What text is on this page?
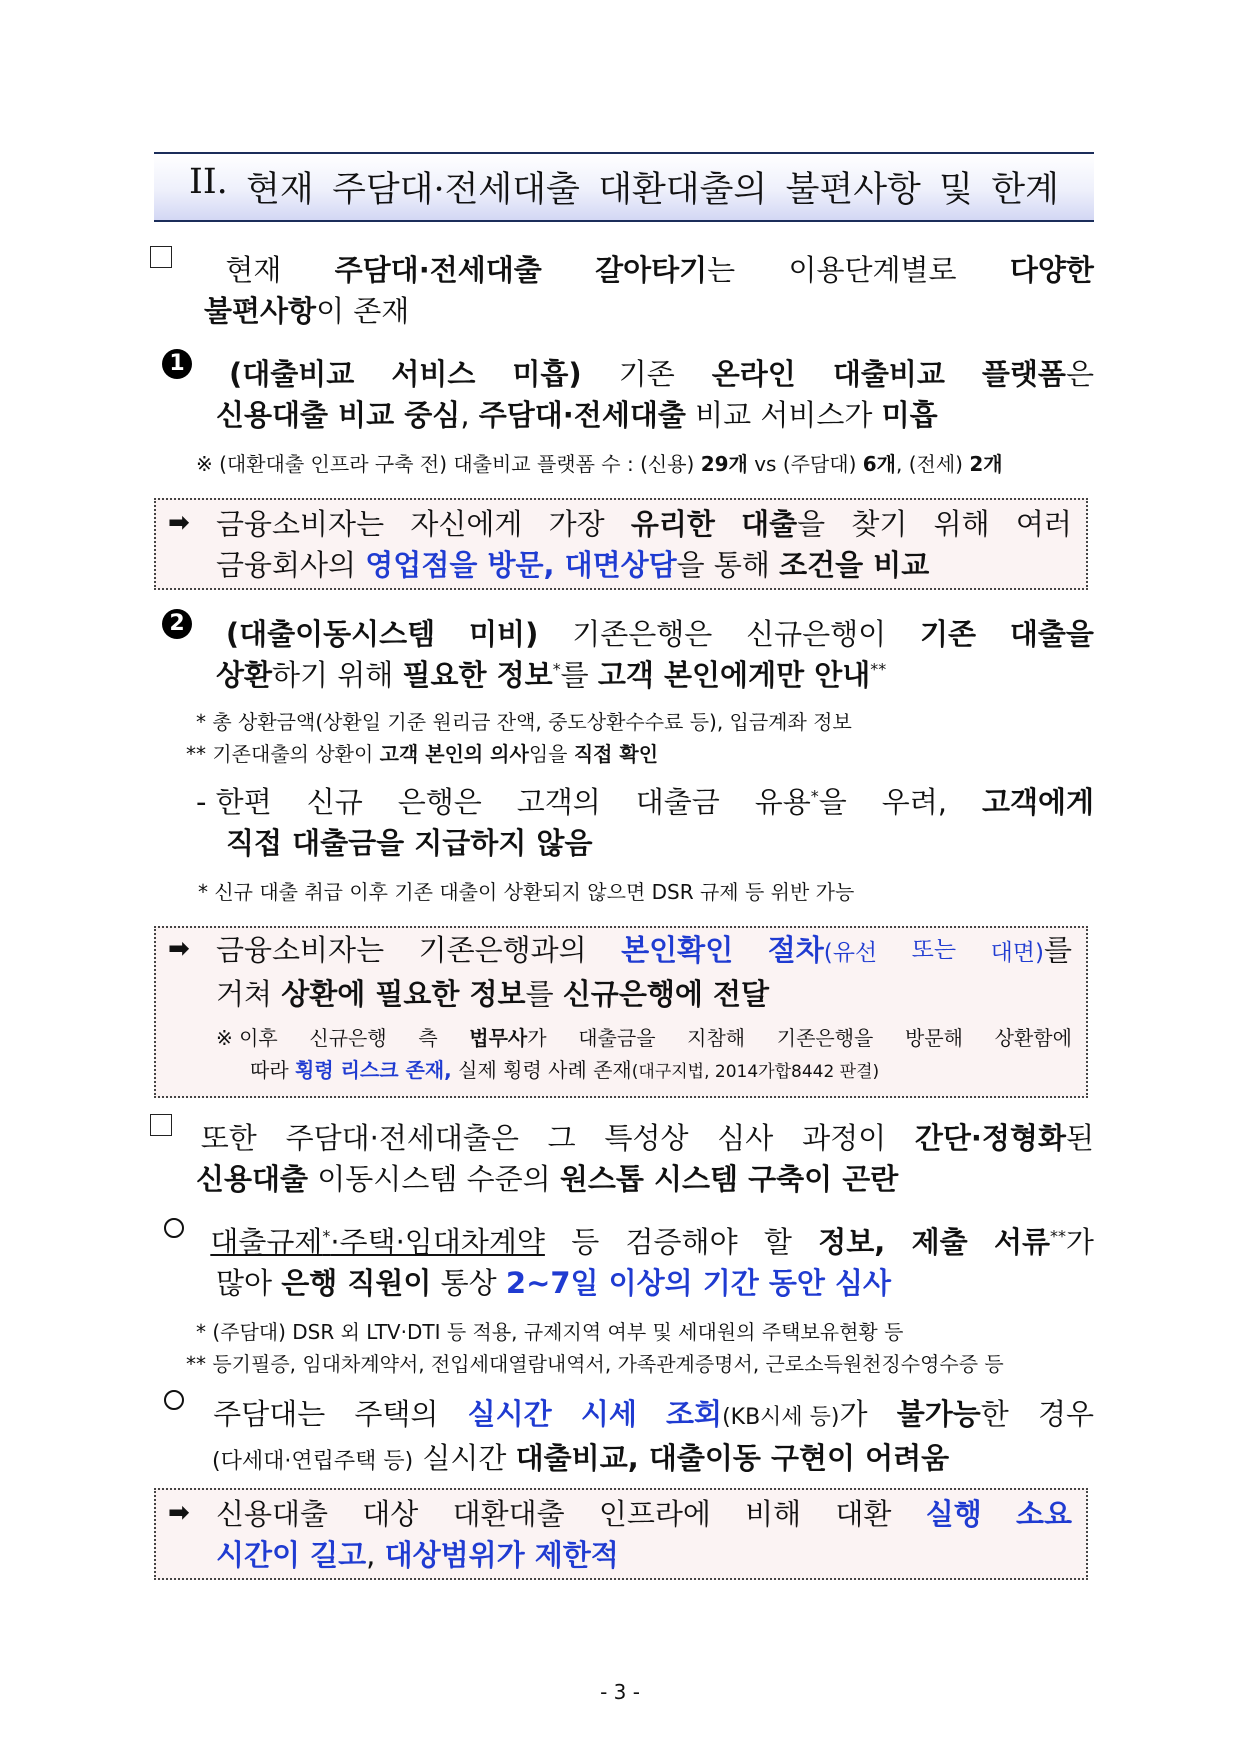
II. 현재 주담대·전세대출 대환대출의 불편사항 및 한계
현재 주담대·전세대출 갈아타기는 이용단계별로 다양한
불편사항이 존재
1 (대출비교 서비스 미흡) 기존 온라인 대출비교 플랫폼은
신용대출 비교 중심, 주담대·전세대출 비교 서비스가 미흡
※ (대환대출 인프라 구축 전) 대출비교 플랫폼 수 : (신용) 29개 vs (주담대) 6개, (전세) 2개
➡ 금융소비자는 자신에게 가장 유리한 대출을 찾기 위해 여러
금융회사의 영업점을 방문, 대면상담을 통해 조건을 비교
2 (대출이동시스템 미비) 기존은행은 신규은행이 기존 대출을
상환하기 위해 필요한 정보*를 고객 본인에게만 안내**
* 총 상환금액(상환일 기준 원리금 잔액, 중도상환수수료 등), 입금계좌 정보
** 기존대출의 상환이 고객 본인의 의사임을 직접 확인
- 한편 신규 은행은 고객의 대출금 유용*을 우려, 고객에게
직접 대출금을 지급하지 않음
* 신규 대출 취급 이후 기존 대출이 상환되지 않으면 DSR 규제 등 위반 가능
➡ 금융소비자는 기존은행과의 본인확인 절차(유선 또는 대면)를
거쳐 상환에 필요한 정보를 신규은행에 전달
※ 이후 신규은행 측 법무사가 대출금을 지참해 기존은행을 방문해 상환함에
따라 횡령 리스크 존재, 실제 횡령 사례 존재(대구지법, 2014가합8442 판결)
또한 주담대·전세대출은 그 특성상 심사 과정이 간단·정형화된
신용대출 이동시스템 수준의 원스톱 시스템 구축이 곤란
대출규제*·주택·임대차계약 등 검증해야 할 정보, 제출 서류**가
많아 은행 직원이 통상 2~7일 이상의 기간 동안 심사
* (주담대) DSR 외 LTV·DTI 등 적용, 규제지역 여부 및 세대원의 주택보유현황 등
** 등기필증, 임대차계약서, 전입세대열람내역서, 가족관계증명서, 근로소득원천징수영수증 등
주담대는 주택의 실시간 시세 조회(KB시세 등)가 불가능한 경우
(다세대·연립주택 등) 실시간 대출비교, 대출이동 구현이 어려움
➡ 신용대출 대상 대환대출 인프라에 비해 대환 실행 소요
시간이 길고, 대상범위가 제한적
- 3 -
